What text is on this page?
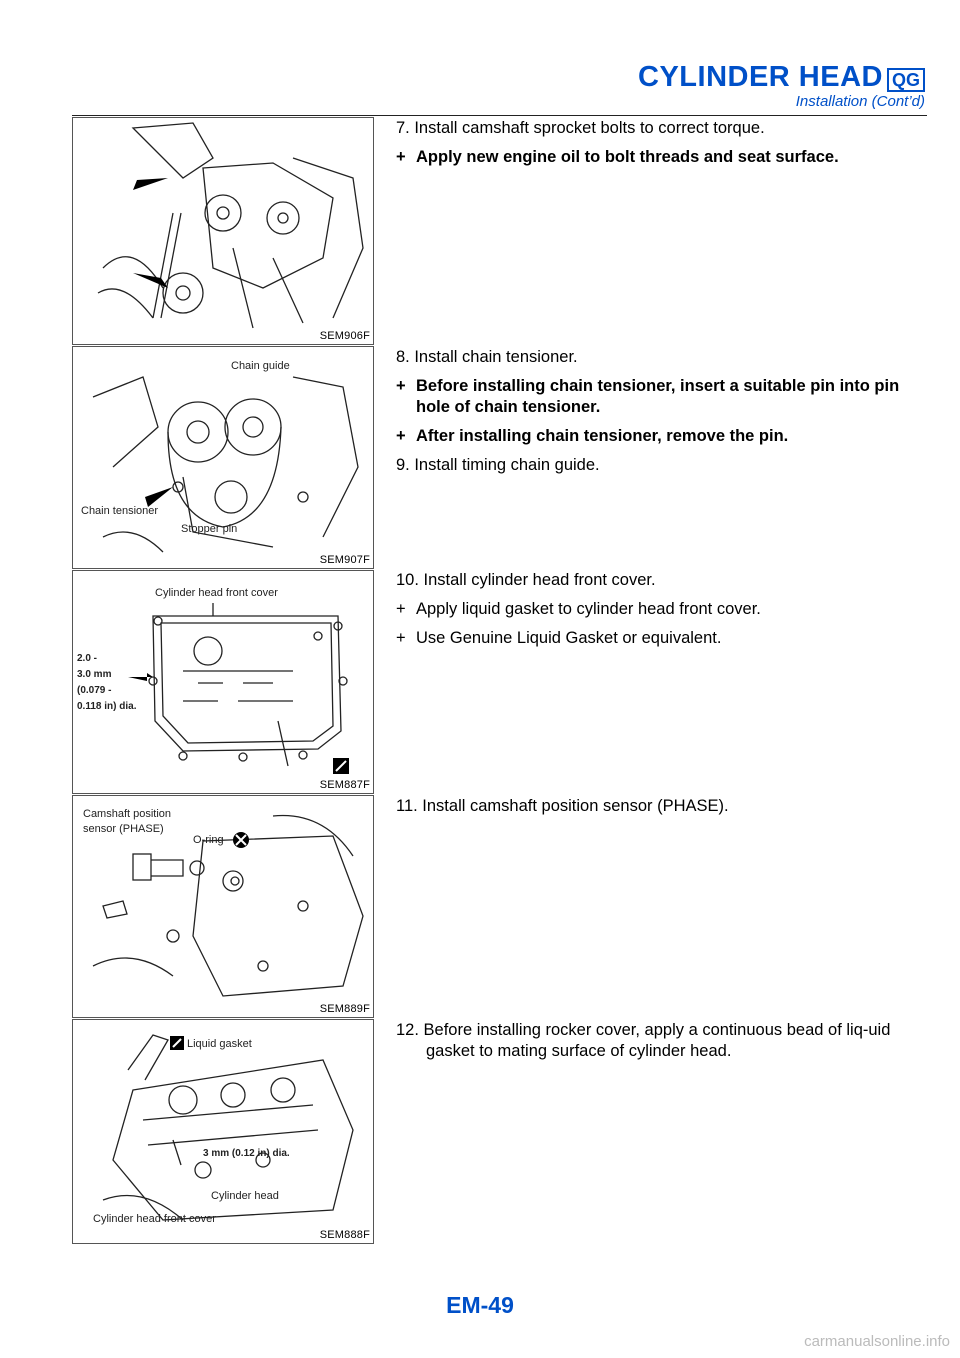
CYLINDER HEAD QG
Installation (Cont’d)
SEM906F
Chain guide
Chain tensioner
Stopper pin
SEM907F
Cylinder head front cover
2.0 -
3.0 mm
(0.079 -
0.118 in) dia.
SEM887F
Camshaft position
sensor (PHASE)
O-ring
SEM889F
Liquid gasket
3 mm (0.12 in) dia.
Cylinder head
Cylinder head front cover
SEM888F

7. Install camshaft sprocket bolts to correct torque.

+ Apply new engine oil to bolt threads and seat surface.

8. Install chain tensioner.

+ Before installing chain tensioner, insert a suitable pin into pin hole of chain tensioner.
+ After installing chain tensioner, remove the pin.

9. Install timing chain guide.

10. Install cylinder head front cover.

+ Apply liquid gasket to cylinder head front cover.
+ Use Genuine Liquid Gasket or equivalent.

11. Install camshaft position sensor (PHASE).

12. Before installing rocker cover, apply a continuous bead of liq-uid gasket to mating surface of cylinder head.

EM-49
carmanualsonline.info
